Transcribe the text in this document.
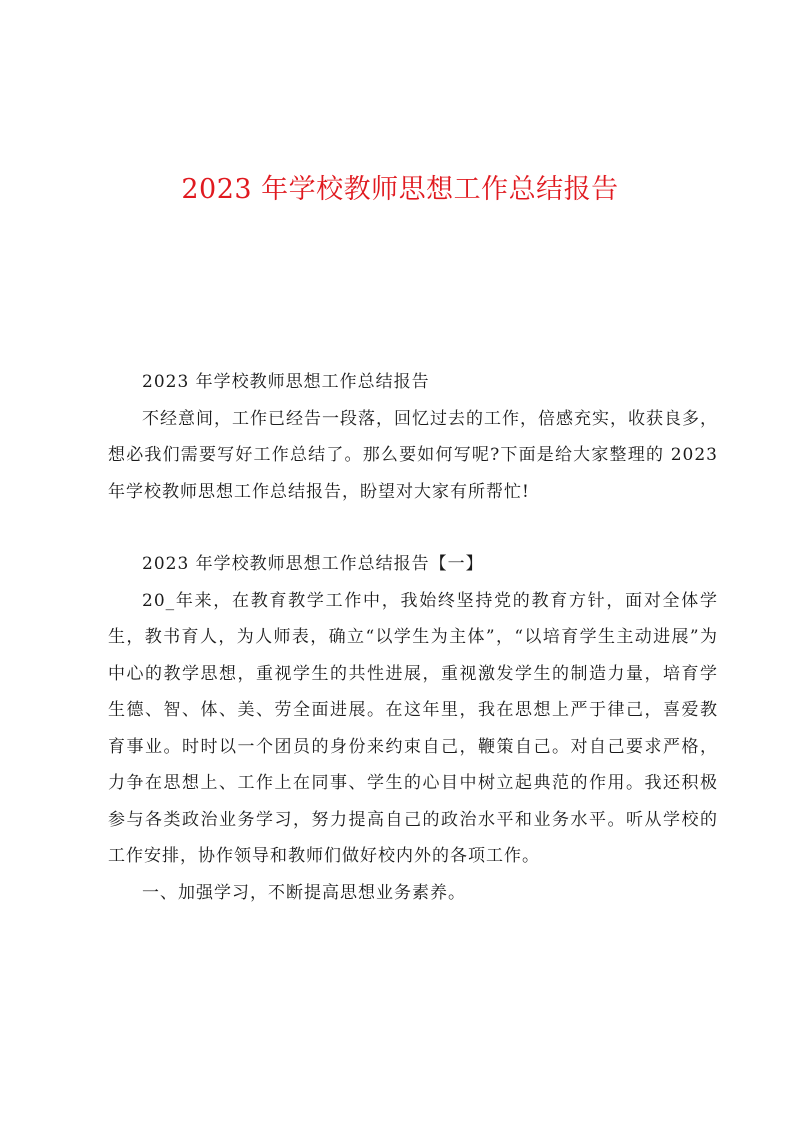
2023 年学校教师思想工作总结报告

2023 年学校教师思想工作总结报告

不经意间，工作已经告一段落，回忆过去的工作，倍感充实，收获良多，想必我们需要写好工作总结了。那么要如何写呢?下面是给大家整理的 2023 年学校教师思想工作总结报告，盼望对大家有所帮忙!

2023 年学校教师思想工作总结报告【一】

20_年来，在教育教学工作中，我始终坚持党的教育方针，面对全体学生，教书育人，为人师表，确立“以学生为主体”，“以培育学生主动进展”为中心的教学思想，重视学生的共性进展，重视激发学生的制造力量，培育学生德、智、体、美、劳全面进展。在这年里，我在思想上严于律己，喜爱教育事业。时时以一个团员的身份来约束自己，鞭策自己。对自己要求严格，力争在思想上、工作上在同事、学生的心目中树立起典范的作用。我还积极参与各类政治业务学习，努力提高自己的政治水平和业务水平。听从学校的工作安排，协作领导和教师们做好校内外的各项工作。

一、加强学习，不断提高思想业务素养。
